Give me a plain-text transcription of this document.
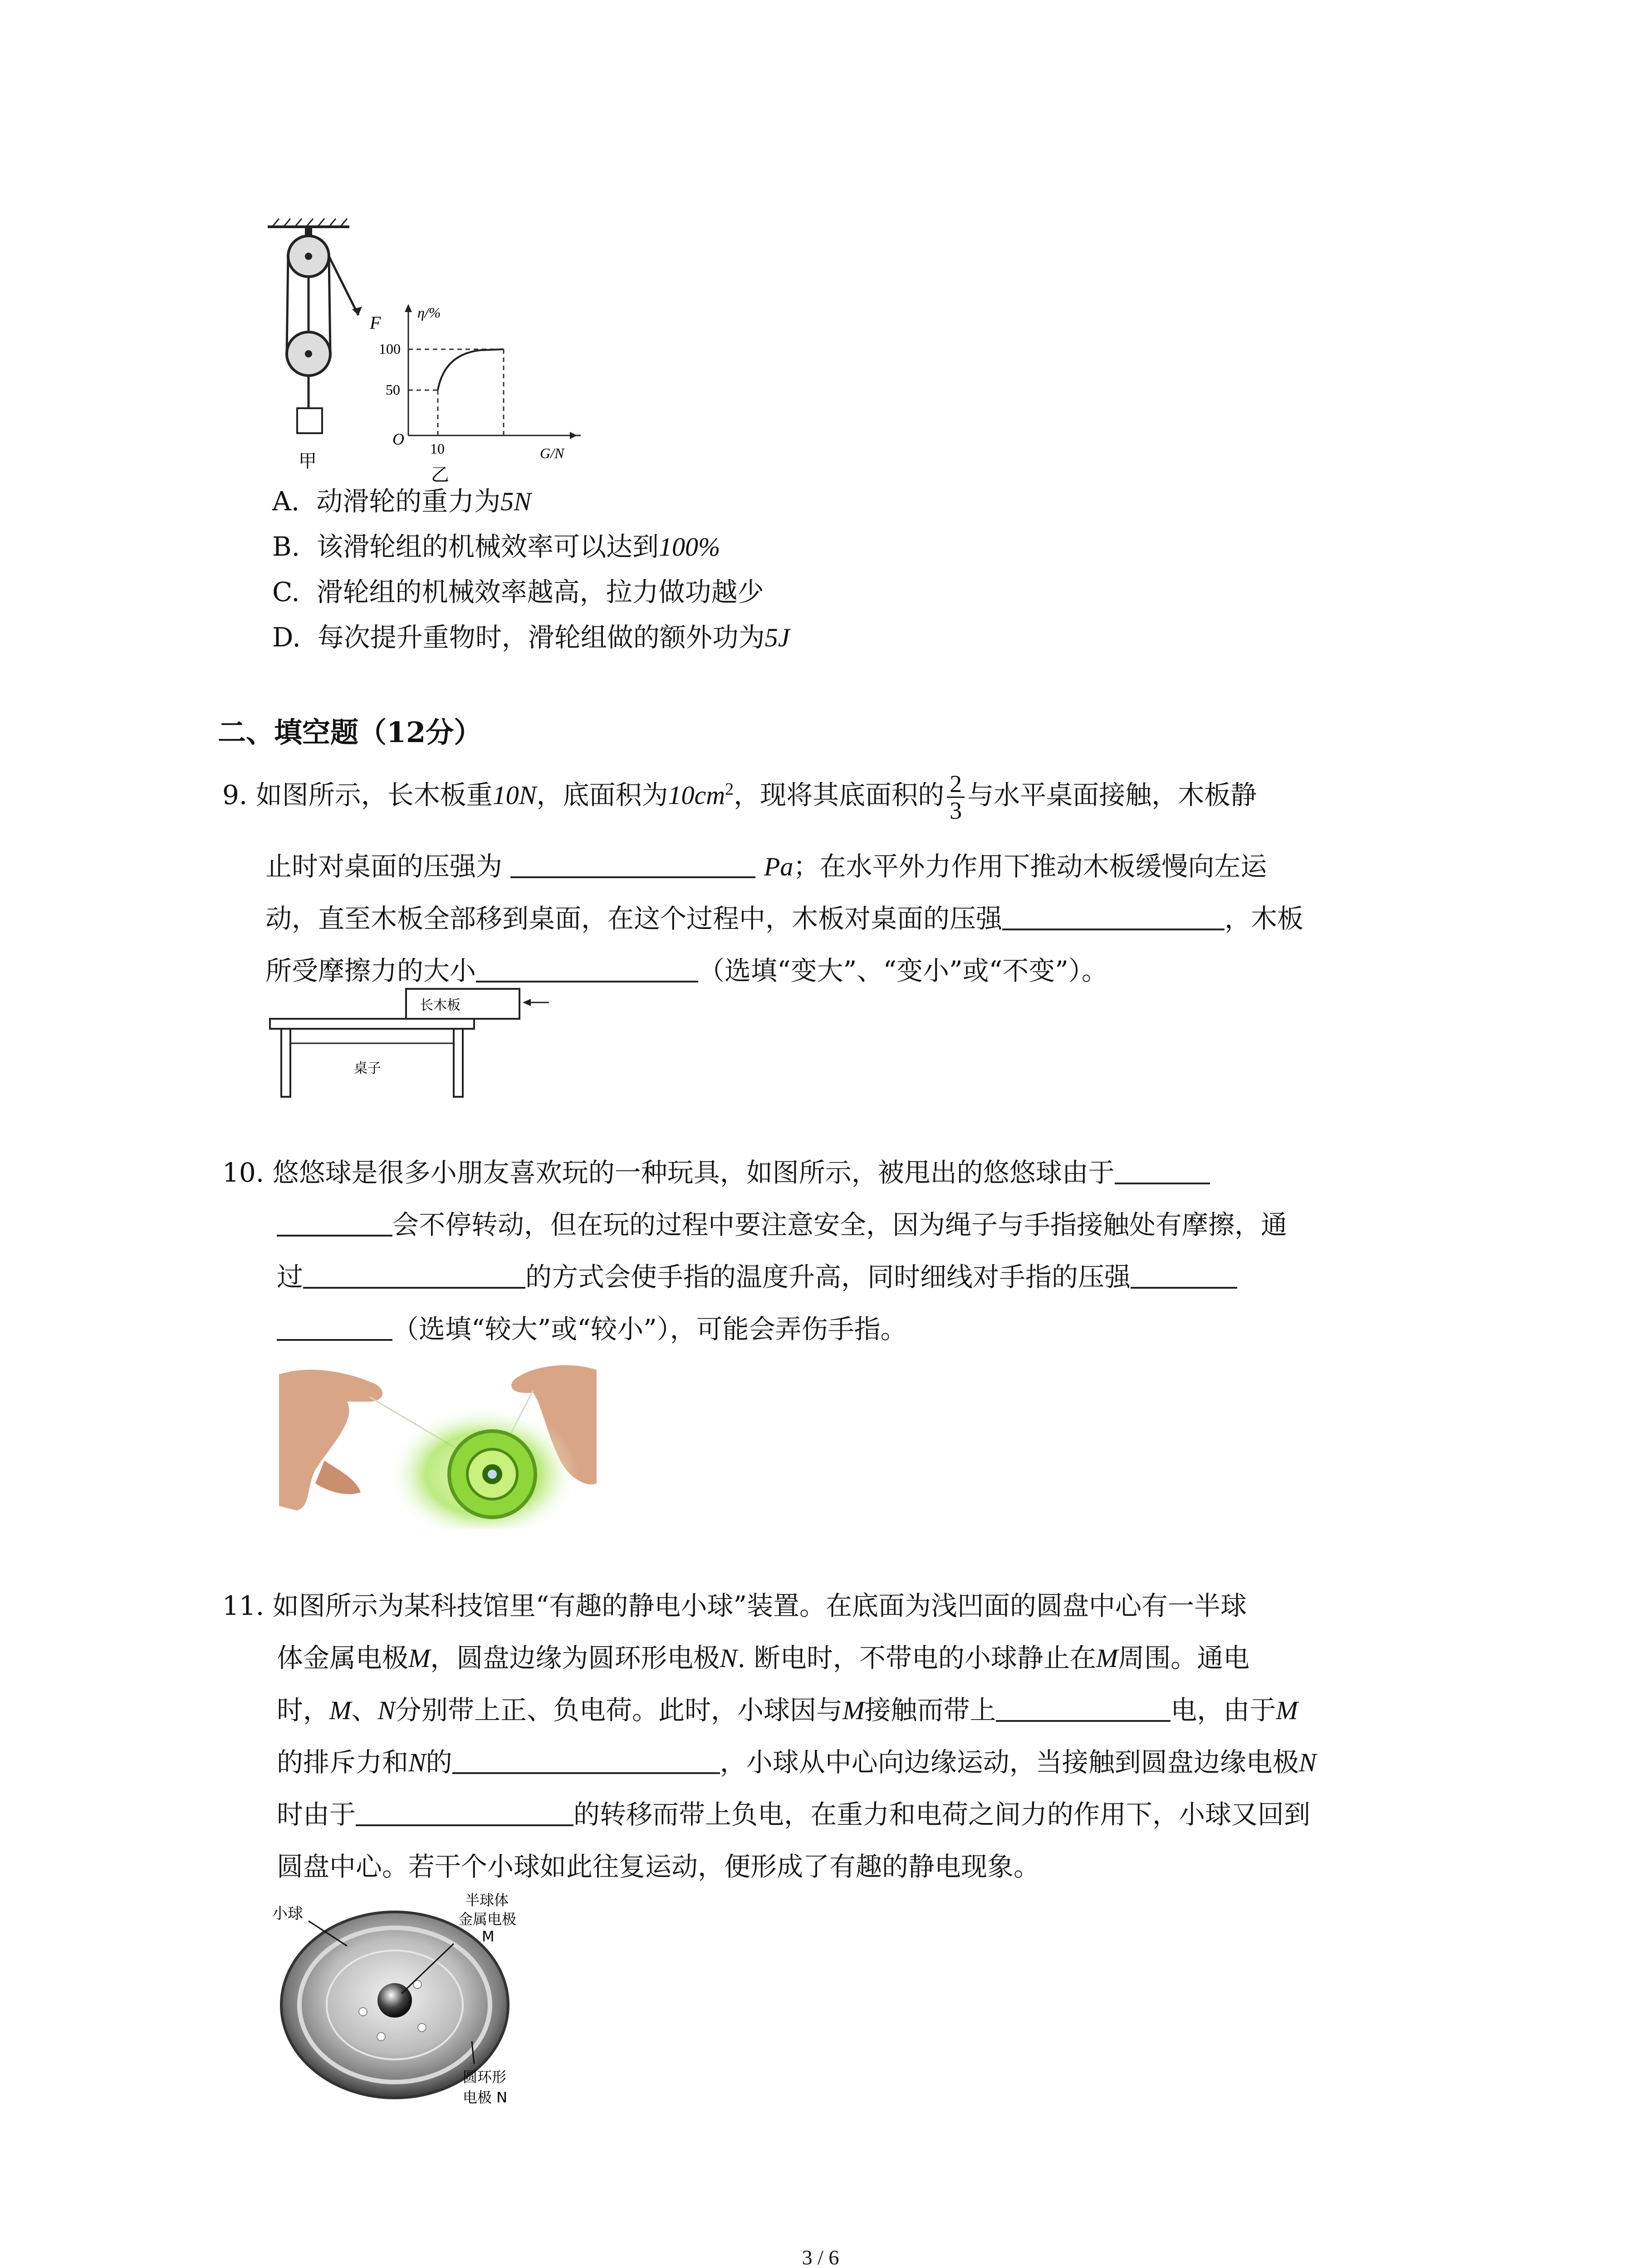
F
甲
η/%
G/N
O
100
50
10
乙
A. 动滑轮的重力为5N
B. 该滑轮组的机械效率可以达到100%
C. 滑轮组的机械效率越高，拉力做功越少
D. 每次提升重物时，滑轮组做的额外功为5J
二、填空题（12分）
9. 如图所示，长木板重10N，底面积为$10cm^2$，现将其底面积的 $\frac{2}{3}$ 与水平桌面接触，木板静
止时对桌面的压强为	Pa；在水平外力作用下推动木板缓慢向左运
动，直至木板全部移到桌面，在这个过程中，木板对桌面的压强	，木板
所受摩擦力的大小	（选填“变大”、“变小”或“不变”）。
长木板
桌子
10. 悠悠球是很多小朋友喜欢玩的一种玩具，如图所示，被甩出的悠悠球由于
会不停转动，但在玩的过程中要注意安全，因为绳子与手指接触处有摩擦，通
过	的方式会使手指的温度升高，同时细线对手指的压强
（选填“较大”或“较小”），可能会弄伤手指。
11. 如图所示为某科技馆里“有趣的静电小球”装置。在底面为浅凹面的圆盘中心有一半球
体金属电极M，圆盘边缘为圆环形电极N. 断电时，不带电的小球静止在M周围。通电
时，M、N分别带上正、负电荷。此时，小球因与M接触而带上	电，由于M
的排斥力和N的	，小球从中心向边缘运动，当接触到圆盘边缘电极N
时由于	的转移而带上负电，在重力和电荷之间力的作用下，小球又回到
圆盘中心。若干个小球如此往复运动，便形成了有趣的静电现象。
小球
半球体
金属电极
M
圆环形
电极 N
3 / 6
